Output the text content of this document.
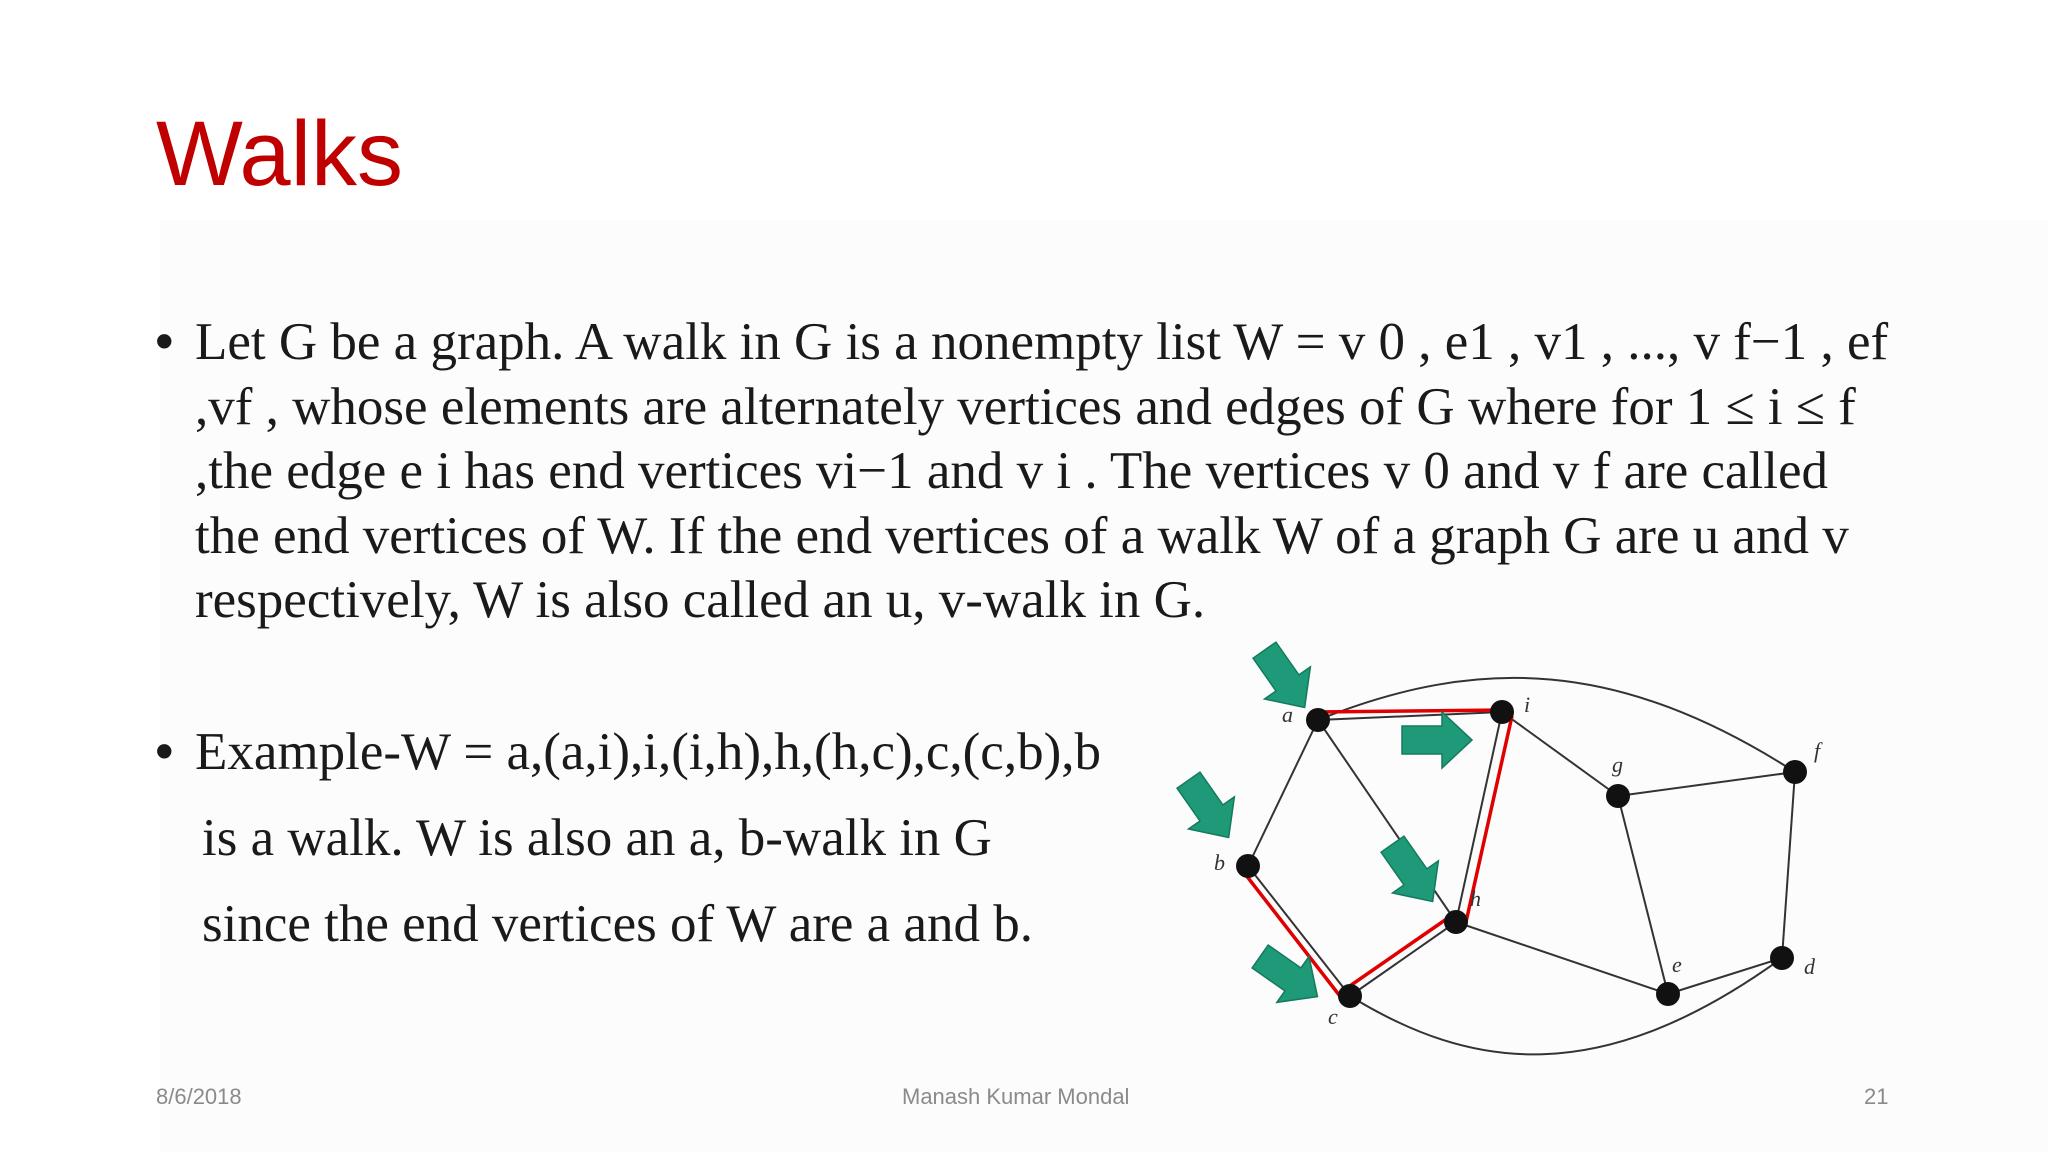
Walks
• Let G be a graph. A walk in G is a nonempty list W = v 0 , e1 , v1 , ..., v f−1 , ef ,vf , whose elements are alternately vertices and edges of G where for 1 ≤ i ≤ f ,the edge e i has end vertices vi−1 and v i . The vertices v 0 and v f are called the end vertices of W. If the end vertices of a walk W of a graph G are u and v respectively, W is also called an u, v-walk in G.
• Example-W = a,(a,i),i,(i,h),h,(h,c),c,(c,b),b
is a walk. W is also an a, b-walk in G
since the end vertices of W are a and b.
a	i
g
f
b
h
e	d
c
8/6/2018	Manash Kumar Mondal	21
